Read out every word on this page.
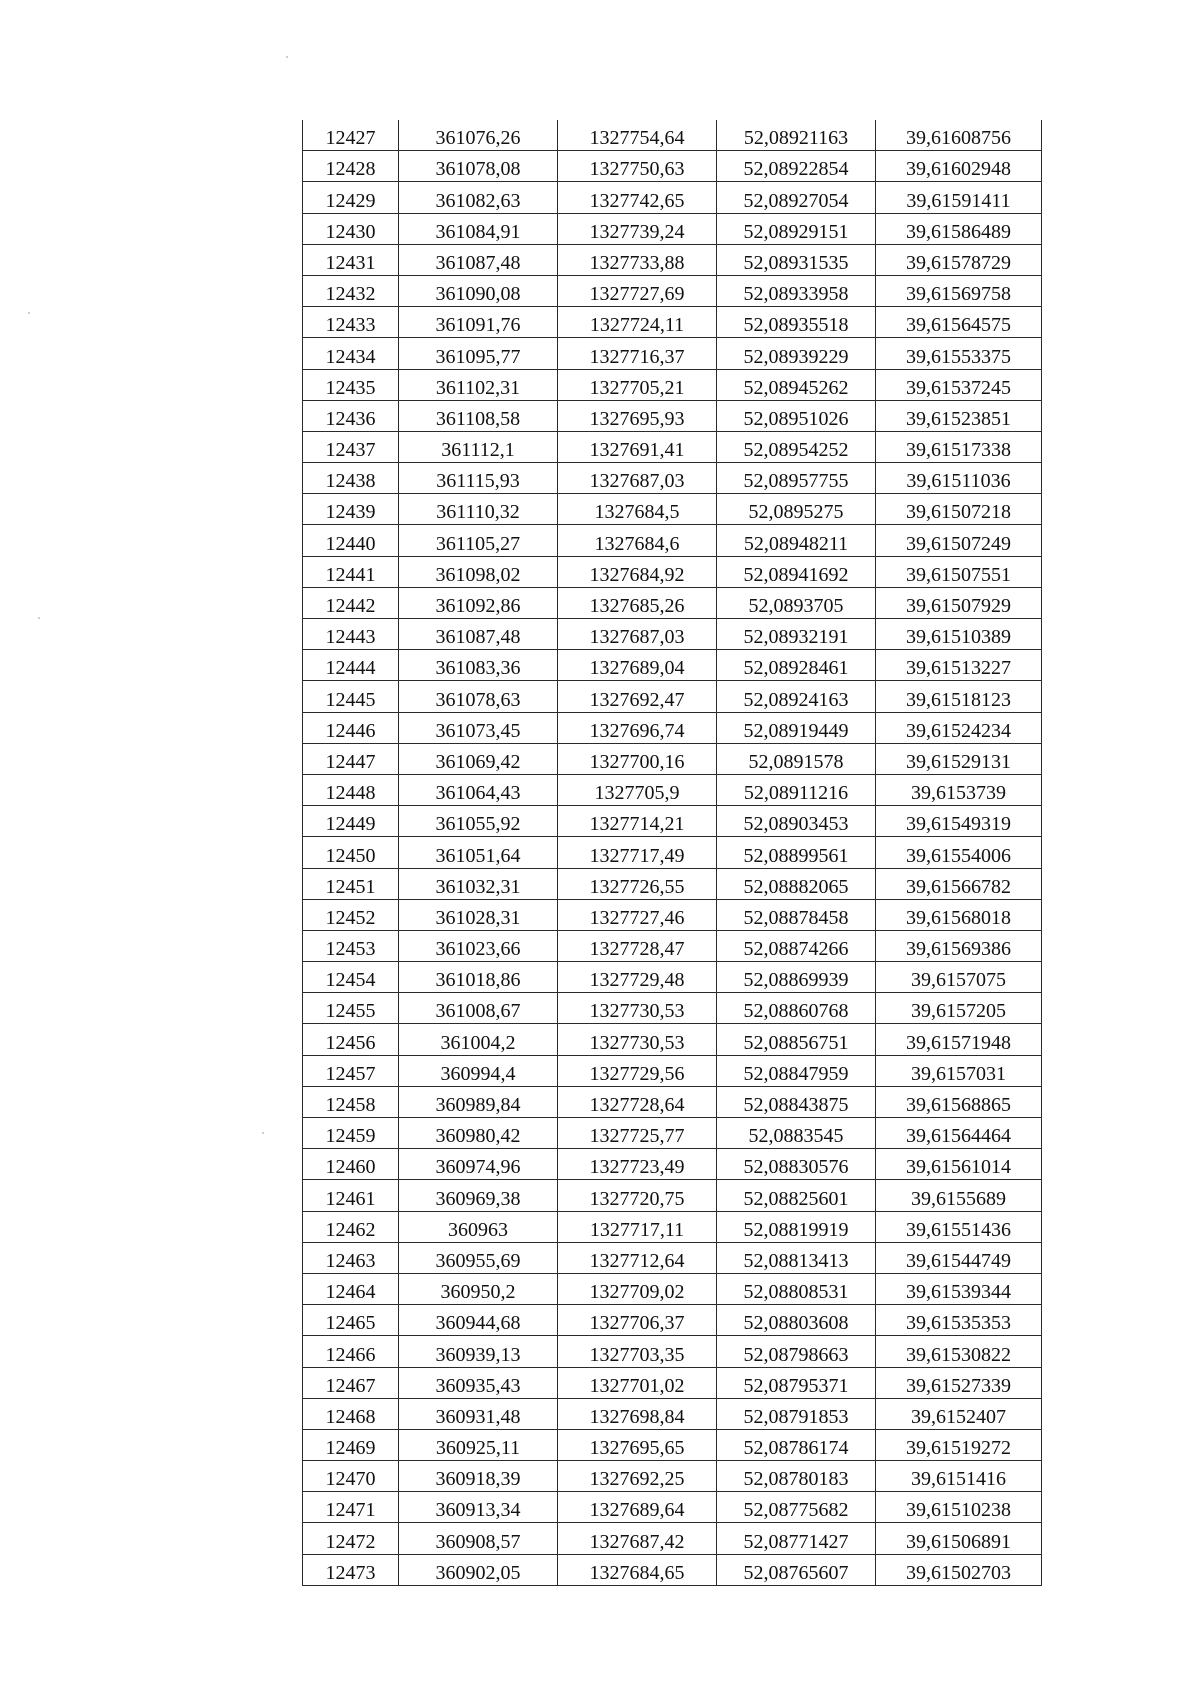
12427	361076,26	1327754,64	52,08921163	39,61608756
12428	361078,08	1327750,63	52,08922854	39,61602948
12429	361082,63	1327742,65	52,08927054	39,61591411
12430	361084,91	1327739,24	52,08929151	39,61586489
12431	361087,48	1327733,88	52,08931535	39,61578729
12432	361090,08	1327727,69	52,08933958	39,61569758
12433	361091,76	1327724,11	52,08935518	39,61564575
12434	361095,77	1327716,37	52,08939229	39,61553375
12435	361102,31	1327705,21	52,08945262	39,61537245
12436	361108,58	1327695,93	52,08951026	39,61523851
12437	361112,1	1327691,41	52,08954252	39,61517338
12438	361115,93	1327687,03	52,08957755	39,61511036
12439	361110,32	1327684,5	52,0895275	39,61507218
12440	361105,27	1327684,6	52,08948211	39,61507249
12441	361098,02	1327684,92	52,08941692	39,61507551
12442	361092,86	1327685,26	52,0893705	39,61507929
12443	361087,48	1327687,03	52,08932191	39,61510389
12444	361083,36	1327689,04	52,08928461	39,61513227
12445	361078,63	1327692,47	52,08924163	39,61518123
12446	361073,45	1327696,74	52,08919449	39,61524234
12447	361069,42	1327700,16	52,0891578	39,61529131
12448	361064,43	1327705,9	52,08911216	39,6153739
12449	361055,92	1327714,21	52,08903453	39,61549319
12450	361051,64	1327717,49	52,08899561	39,61554006
12451	361032,31	1327726,55	52,08882065	39,61566782
12452	361028,31	1327727,46	52,08878458	39,61568018
12453	361023,66	1327728,47	52,08874266	39,61569386
12454	361018,86	1327729,48	52,08869939	39,6157075
12455	361008,67	1327730,53	52,08860768	39,6157205
12456	361004,2	1327730,53	52,08856751	39,61571948
12457	360994,4	1327729,56	52,08847959	39,6157031
12458	360989,84	1327728,64	52,08843875	39,61568865
12459	360980,42	1327725,77	52,0883545	39,61564464
12460	360974,96	1327723,49	52,08830576	39,61561014
12461	360969,38	1327720,75	52,08825601	39,6155689
12462	360963	1327717,11	52,08819919	39,61551436
12463	360955,69	1327712,64	52,08813413	39,61544749
12464	360950,2	1327709,02	52,08808531	39,61539344
12465	360944,68	1327706,37	52,08803608	39,61535353
12466	360939,13	1327703,35	52,08798663	39,61530822
12467	360935,43	1327701,02	52,08795371	39,61527339
12468	360931,48	1327698,84	52,08791853	39,6152407
12469	360925,11	1327695,65	52,08786174	39,61519272
12470	360918,39	1327692,25	52,08780183	39,6151416
12471	360913,34	1327689,64	52,08775682	39,61510238
12472	360908,57	1327687,42	52,08771427	39,61506891
12473	360902,05	1327684,65	52,08765607	39,61502703
